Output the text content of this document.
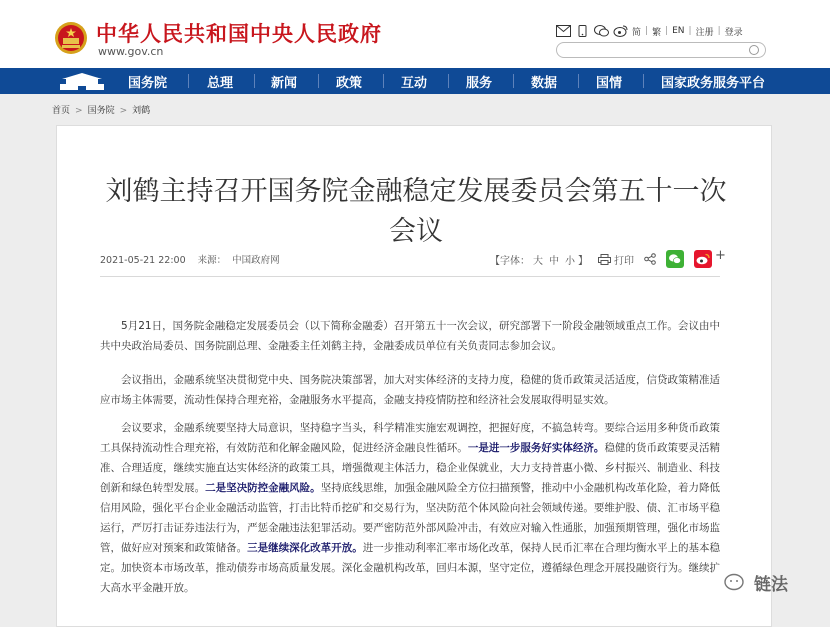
中华人民共和国中央人民政府
www.gov.cn
简 | 繁 | EN | 注册 | 登录
国务院	总理	新闻	政策	互动	服务	数据	国情	国家政务服务平台
首页 > 国务院 > 刘鹤
刘鹤主持召开国务院金融稳定发展委员会第五十一次
会议
2021-05-21 22:00 来源： 中国政府网	【字体： 大 中 小 】	打印	+

5月21日，国务院金融稳定发展委员会（以下简称金融委）召开第五十一次会议，研究部署下一阶段金融领域重点工作。会议由中共中央政治局委员、国务院副总理、金融委主任刘鹤主持，金融委成员单位有关负责同志参加会议。

会议指出，金融系统坚决贯彻党中央、国务院决策部署，加大对实体经济的支持力度，稳健的货币政策灵活适度，信贷政策精准适应市场主体需要，流动性保持合理充裕，金融服务水平提高，金融支持疫情防控和经济社会发展取得明显实效。

会议要求，金融系统要坚持大局意识，坚持稳字当头，科学精准实施宏观调控，把握好度，不搞急转弯。要综合运用多种货币政策工具保持流动性合理充裕，有效防范和化解金融风险，促进经济金融良性循环。一是进一步服务好实体经济。稳健的货币政策要灵活精准、合理适度，继续实施直达实体经济的政策工具，增强微观主体活力，稳企业保就业，大力支持普惠小微、乡村振兴、制造业、科技创新和绿色转型发展。二是坚决防控金融风险。坚持底线思维，加强金融风险全方位扫描预警，推动中小金融机构改革化险，着力降低信用风险，强化平台企业金融活动监管，打击比特币挖矿和交易行为，坚决防范个体风险向社会领域传递。要维护股、债、汇市场平稳运行，严厉打击证券违法行为，严惩金融违法犯罪活动。要严密防范外部风险冲击，有效应对输入性通胀，加强预期管理，强化市场监管，做好应对预案和政策储备。三是继续深化改革开放。进一步推动利率汇率市场化改革，保持人民币汇率在合理均衡水平上的基本稳定。加快资本市场改革，推动债券市场高质量发展。深化金融机构改革，回归本源，坚守定位，遵循绿色理念开展投融资行为。继续扩大高水平金融开放。	链法
